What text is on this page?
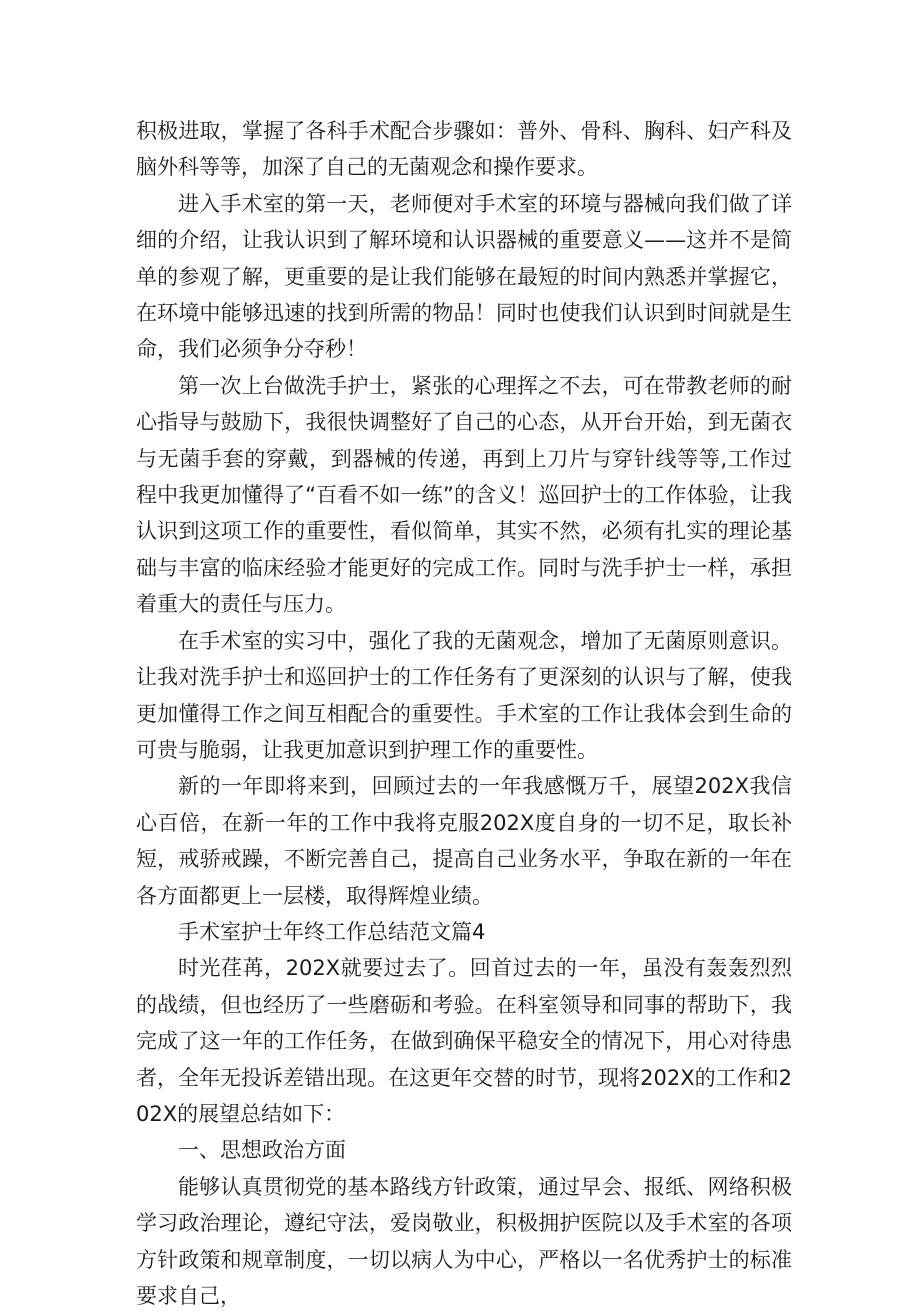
积极进取，掌握了各科手术配合步骤如：普外、骨科、胸科、妇产科及脑外科等等，加深了自己的无菌观念和操作要求。

进入手术室的第一天，老师便对手术室的环境与器械向我们做了详细的介绍，让我认识到了解环境和认识器械的重要意义——这并不是简单的参观了解，更重要的是让我们能够在最短的时间内熟悉并掌握它，在环境中能够迅速的找到所需的物品！同时也使我们认识到时间就是生命，我们必须争分夺秒！

第一次上台做洗手护士，紧张的心理挥之不去，可在带教老师的耐心指导与鼓励下，我很快调整好了自己的心态，从开台开始，到无菌衣与无菌手套的穿戴，到器械的传递，再到上刀片与穿针线等等,工作过程中我更加懂得了“百看不如一练”的含义！巡回护士的工作体验，让我认识到这项工作的重要性，看似简单，其实不然，必须有扎实的理论基础与丰富的临床经验才能更好的完成工作。同时与洗手护士一样，承担着重大的责任与压力。

在手术室的实习中，强化了我的无菌观念，增加了无菌原则意识。让我对洗手护士和巡回护士的工作任务有了更深刻的认识与了解，使我更加懂得工作之间互相配合的重要性。手术室的工作让我体会到生命的可贵与脆弱，让我更加意识到护理工作的重要性。

新的一年即将来到，回顾过去的一年我感慨万千，展望202X我信心百倍，在新一年的工作中我将克服202X度自身的一切不足，取长补短，戒骄戒躁，不断完善自己，提高自己业务水平，争取在新的一年在各方面都更上一层楼，取得辉煌业绩。

手术室护士年终工作总结范文篇4

时光荏苒，202X就要过去了。回首过去的一年，虽没有轰轰烈烈的战绩，但也经历了一些磨砺和考验。在科室领导和同事的帮助下，我完成了这一年的工作任务，在做到确保平稳安全的情况下，用心对待患者，全年无投诉差错出现。在这更年交替的时节，现将202X的工作和202X的展望总结如下：

一、思想政治方面

能够认真贯彻党的基本路线方针政策，通过早会、报纸、网络积极学习政治理论，遵纪守法，爱岗敬业，积极拥护医院以及手术室的各项方针政策和规章制度，一切以病人为中心，严格以一名优秀护士的标准要求自己，
